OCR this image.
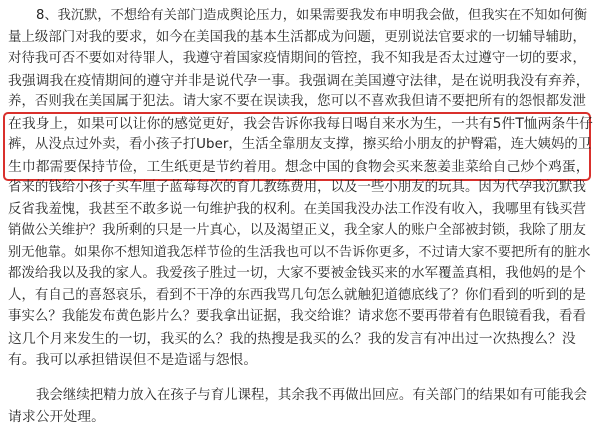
8、我沉默，不想给有关部门造成舆论压力，如果需要我发布申明我会做，但我实在不知如何衡
量上级部门对我的要求，如今在美国我的基本生活都成为问题，更别说法官要求的一切辅导辅助，
对待我可否不要如对待罪人，我遵守着国家疫情期间的管控，我不知我是否太过遵守一切的要求，
我强调我在疫情期间的遵守并非是说代孕一事。我强调在美国遵守法律，是在说明我没有弃养，
养，否则我在美国属于犯法。请大家不要在误读我，您可以不喜欢我但请不要把所有的怨恨都发泄
在我身上，如果可以让你的感觉更好，我会告诉你我每日喝自来水为生，一共有5件T恤两条牛仔
裤，从没点过外卖，看小孩子打Uber，生活全靠朋友支撑，擦买给小朋友的护臀霜，连大姨妈的卫
生巾都需要保持节俭，工生纸更是节约着用。想念中国的食物会买来葱姜韭菜给自己炒个鸡蛋，
省来的钱给小孩子买车厘子蓝莓每次的育儿教练费用，以及一些小朋友的玩具。因为代孕我沉默我
反省我羞愧，我甚至不敢多说一句维护我的权利。在美国我没办法工作没有收入，我哪里有钱买营
销做公关维护？我所剩的只是一片真心，以及渴望正义，我全家人的账户全部被封锁，我除了朋友
别无他靠。如果你不想知道我怎样节俭的生活我也可以不告诉你更多，不过请大家不要把所有的脏水
都泼给我以及我的家人。我爱孩子胜过一切，大家不要被金钱买来的水军覆盖真相，我他妈的是个
人，有自己的喜怒哀乐，看到不干净的东西我骂几句怎么就触犯道德底线了？你们看到的听到的是
事实么？我能发布黄色影片么？要我拿出证据，我交给谁？请求您不要再带着有色眼镜看我，看看
这几个月来发生的一切，我买的么？我的热搜是我买的么？我的发言有冲出过一次热搜么？没
有。我可以承担错误但不是造谣与怨恨。
我会继续把精力放入在孩子与育儿课程，其余我不再做出回应。有关部门的结果如有可能我会
请求公开处理。
